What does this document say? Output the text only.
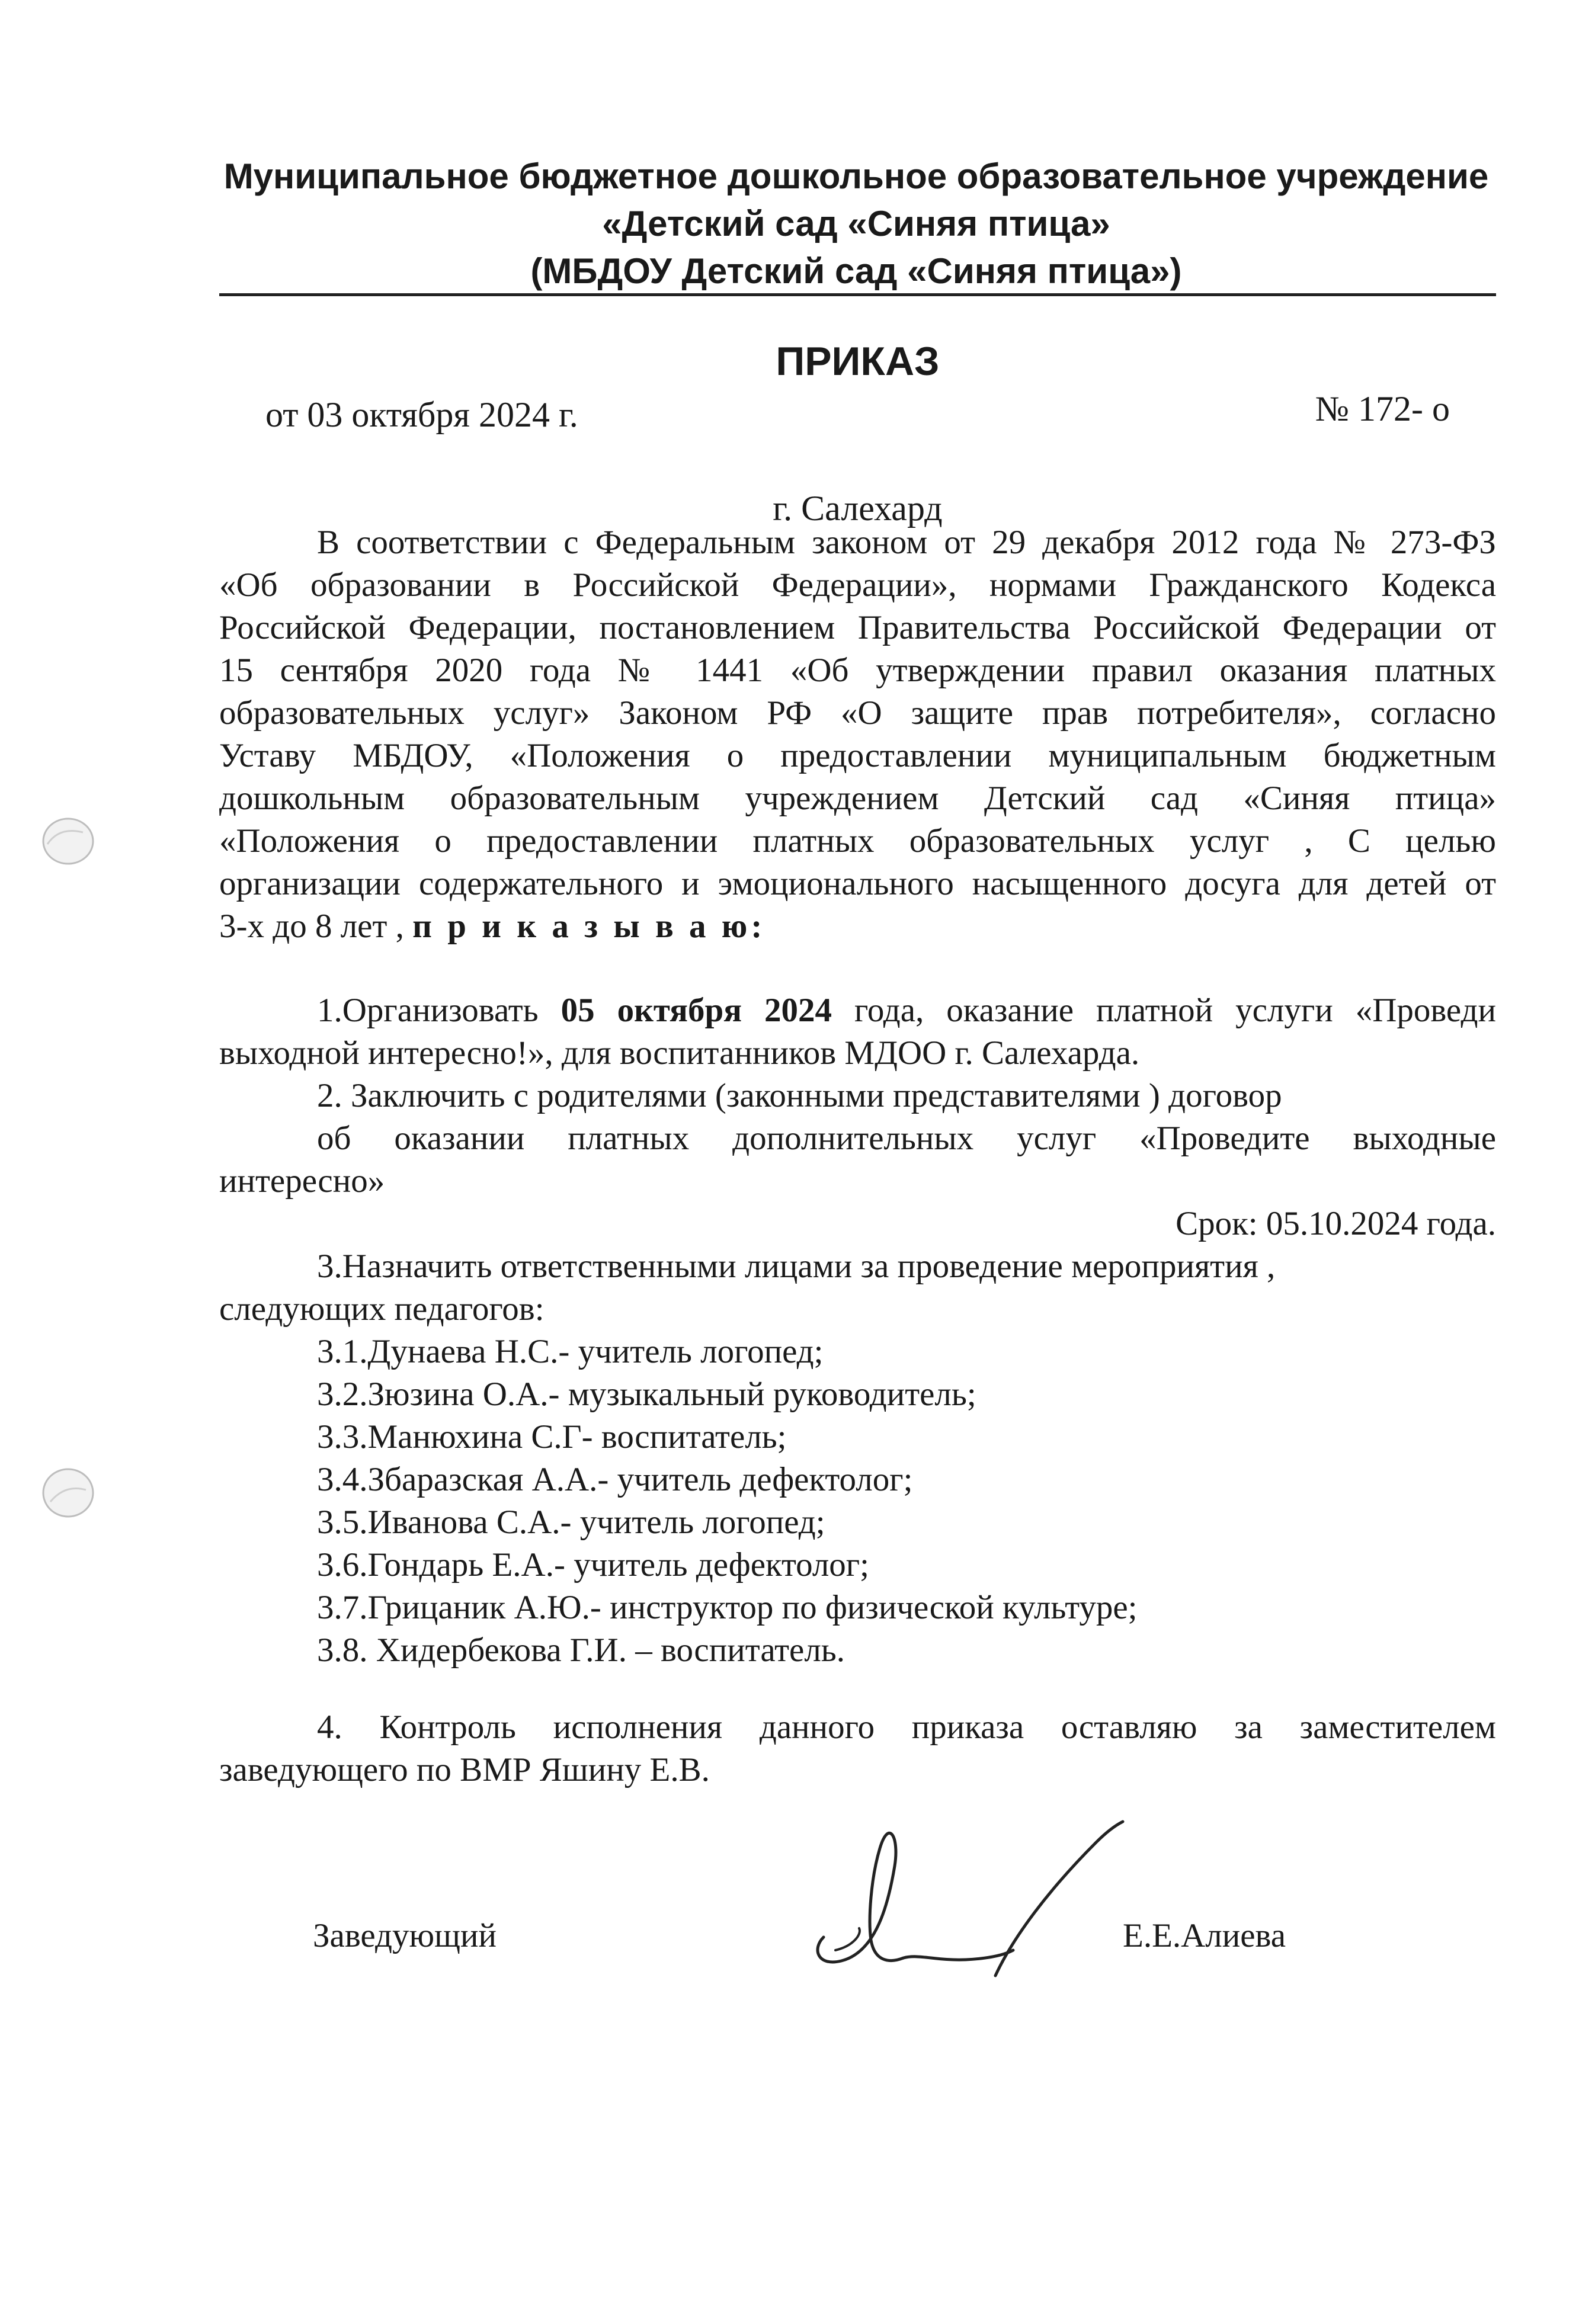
Муниципальное бюджетное дошкольное образовательное учреждение
«Детский сад «Синяя птица»
(МБДОУ Детский сад «Синяя птица»)
ПРИКАЗ
от 03 октября 2024 г.	№ 172- о
г. Салехард
В соответствии с Федеральным законом от 29 декабря 2012 года № 273-ФЗ
«Об образовании в Российской Федерации», нормами Гражданского Кодекса
Российской Федерации, постановлением Правительства Российской Федерации от
15 сентября 2020 года № 1441 «Об утверждении правил оказания платных
образовательных услуг» Законом РФ «О защите прав потребителя», согласно
Уставу МБДОУ, «Положения о предоставлении муниципальным бюджетным
дошкольным образовательным учреждением Детский сад «Синяя птица»
«Положения о предоставлении платных образовательных услуг , С целью
организации содержательного и эмоционального насыщенного досуга для детей от
3-х до 8 лет , п р и к а з ы в а ю:
1.Организовать 05 октября 2024 года, оказание платной услуги «Проведи
выходной интересно!», для воспитанников МДОО г. Салехарда.
2. Заключить с родителями (законными представителями ) договор
об оказании платных дополнительных услуг «Проведите выходные
интересно»
Срок: 05.10.2024 года.
3.Назначить ответственными лицами за проведение мероприятия ,
следующих педагогов:
3.1.Дунаева Н.С.- учитель логопед;
3.2.Зюзина О.А.- музыкальный руководитель;
3.3.Манюхина С.Г- воспитатель;
3.4.Збаразская А.А.- учитель дефектолог;
3.5.Иванова С.А.- учитель логопед;
3.6.Гондарь Е.А.- учитель дефектолог;
3.7.Грицаник А.Ю.- инструктор по физической культуре;
3.8. Хидербекова Г.И. – воспитатель.
4. Контроль исполнения данного приказа оставляю за заместителем
заведующего по ВМР Яшину Е.В.
Заведующий	Е.Е.Алиева
